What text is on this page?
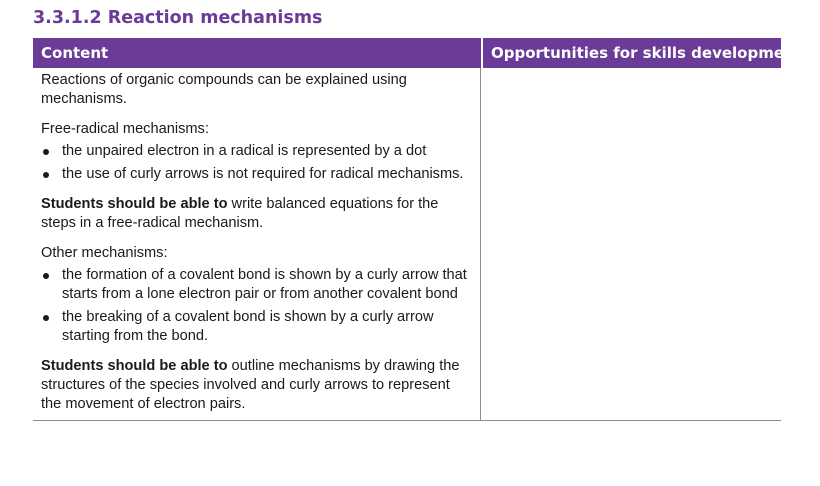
3.3.1.2 Reaction mechanisms
Content	Opportunities for skills development

Reactions of organic compounds can be explained using mechanisms.

Free-radical mechanisms:

the unpaired electron in a radical is represented by a dot
the use of curly arrows is not required for radical mechanisms.

Students should be able to write balanced equations for the steps in a free-radical mechanism.

Other mechanisms:

the formation of a covalent bond is shown by a curly arrow that starts from a lone electron pair or from another covalent bond
the breaking of a covalent bond is shown by a curly arrow starting from the bond.

Students should be able to outline mechanisms by drawing the structures of the species involved and curly arrows to represent the movement of electron pairs.
